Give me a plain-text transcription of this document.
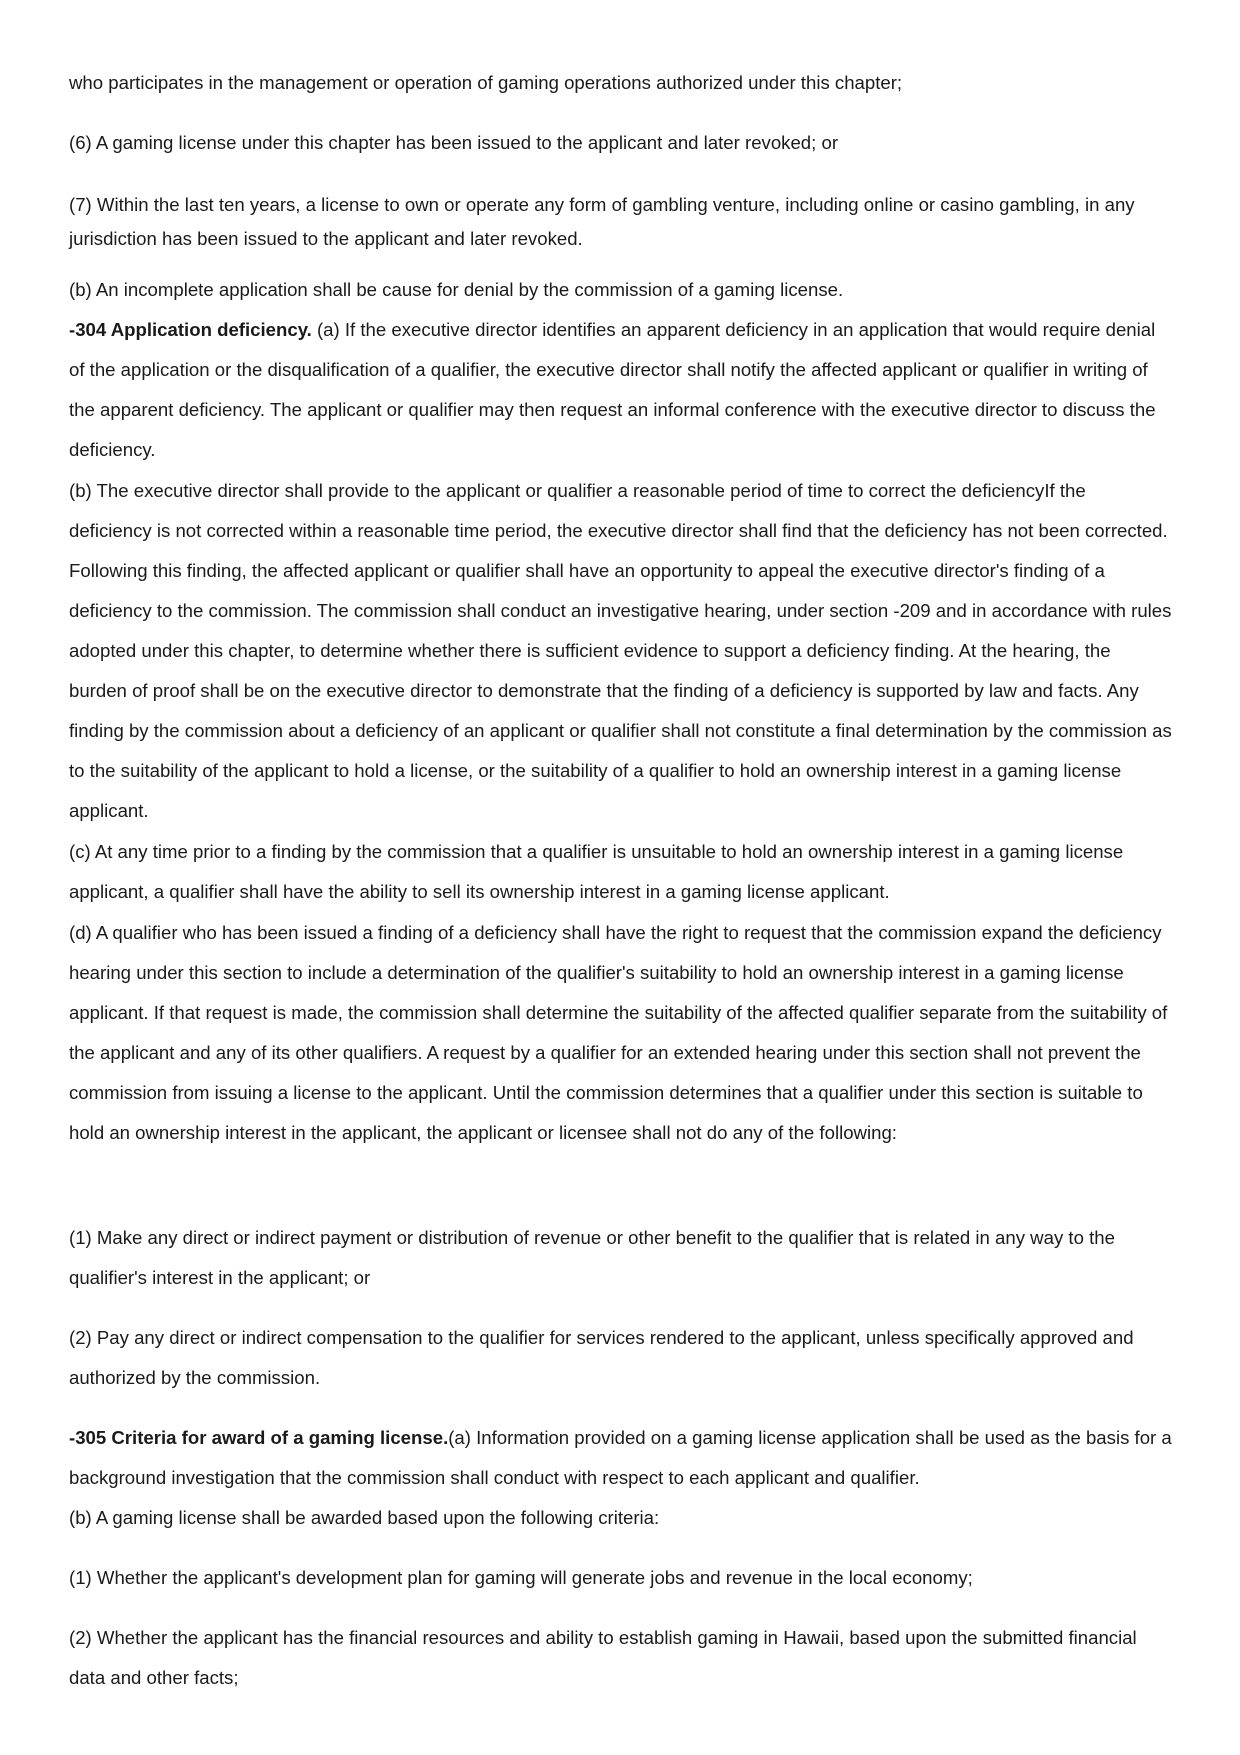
who participates in the management or operation of gaming operations authorized under this chapter;

(6) A gaming license under this chapter has been issued to the applicant and later revoked; or

(7) Within the last ten years, a license to own or operate any form of gambling venture, including online or casino gambling, in any jurisdiction has been issued to the applicant and later revoked.

(b) An incomplete application shall be cause for denial by the commission of a gaming license.

-304 Application deficiency. (a) If the executive director identifies an apparent deficiency in an application that would require denial of the application or the disqualification of a qualifier, the executive director shall notify the affected applicant or qualifier in writing of the apparent deficiency. The applicant or qualifier may then request an informal conference with the executive director to discuss the deficiency.

(b) The executive director shall provide to the applicant or qualifier a reasonable period of time to correct the deficiencyIf the deficiency is not corrected within a reasonable time period, the executive director shall find that the deficiency has not been corrected. Following this finding, the affected applicant or qualifier shall have an opportunity to appeal the executive director's finding of a deficiency to the commission. The commission shall conduct an investigative hearing, under section -209 and in accordance with rules adopted under this chapter, to determine whether there is sufficient evidence to support a deficiency finding. At the hearing, the burden of proof shall be on the executive director to demonstrate that the finding of a deficiency is supported by law and facts. Any finding by the commission about a deficiency of an applicant or qualifier shall not constitute a final determination by the commission as to the suitability of the applicant to hold a license, or the suitability of a qualifier to hold an ownership interest in a gaming license applicant.

(c) At any time prior to a finding by the commission that a qualifier is unsuitable to hold an ownership interest in a gaming license applicant, a qualifier shall have the ability to sell its ownership interest in a gaming license applicant.

(d) A qualifier who has been issued a finding of a deficiency shall have the right to request that the commission expand the deficiency hearing under this section to include a determination of the qualifier's suitability to hold an ownership interest in a gaming license applicant. If that request is made, the commission shall determine the suitability of the affected qualifier separate from the suitability of the applicant and any of its other qualifiers. A request by a qualifier for an extended hearing under this section shall not prevent the commission from issuing a license to the applicant. Until the commission determines that a qualifier under this section is suitable to hold an ownership interest in the applicant, the applicant or licensee shall not do any of the following:

(1) Make any direct or indirect payment or distribution of revenue or other benefit to the qualifier that is related in any way to the qualifier's interest in the applicant; or

(2) Pay any direct or indirect compensation to the qualifier for services rendered to the applicant, unless specifically approved and authorized by the commission.

-305 Criteria for award of a gaming license.(a) Information provided on a gaming license application shall be used as the basis for a background investigation that the commission shall conduct with respect to each applicant and qualifier.

(b) A gaming license shall be awarded based upon the following criteria:

(1) Whether the applicant's development plan for gaming will generate jobs and revenue in the local economy;

(2) Whether the applicant has the financial resources and ability to establish gaming in Hawaii, based upon the submitted financial data and other facts;
